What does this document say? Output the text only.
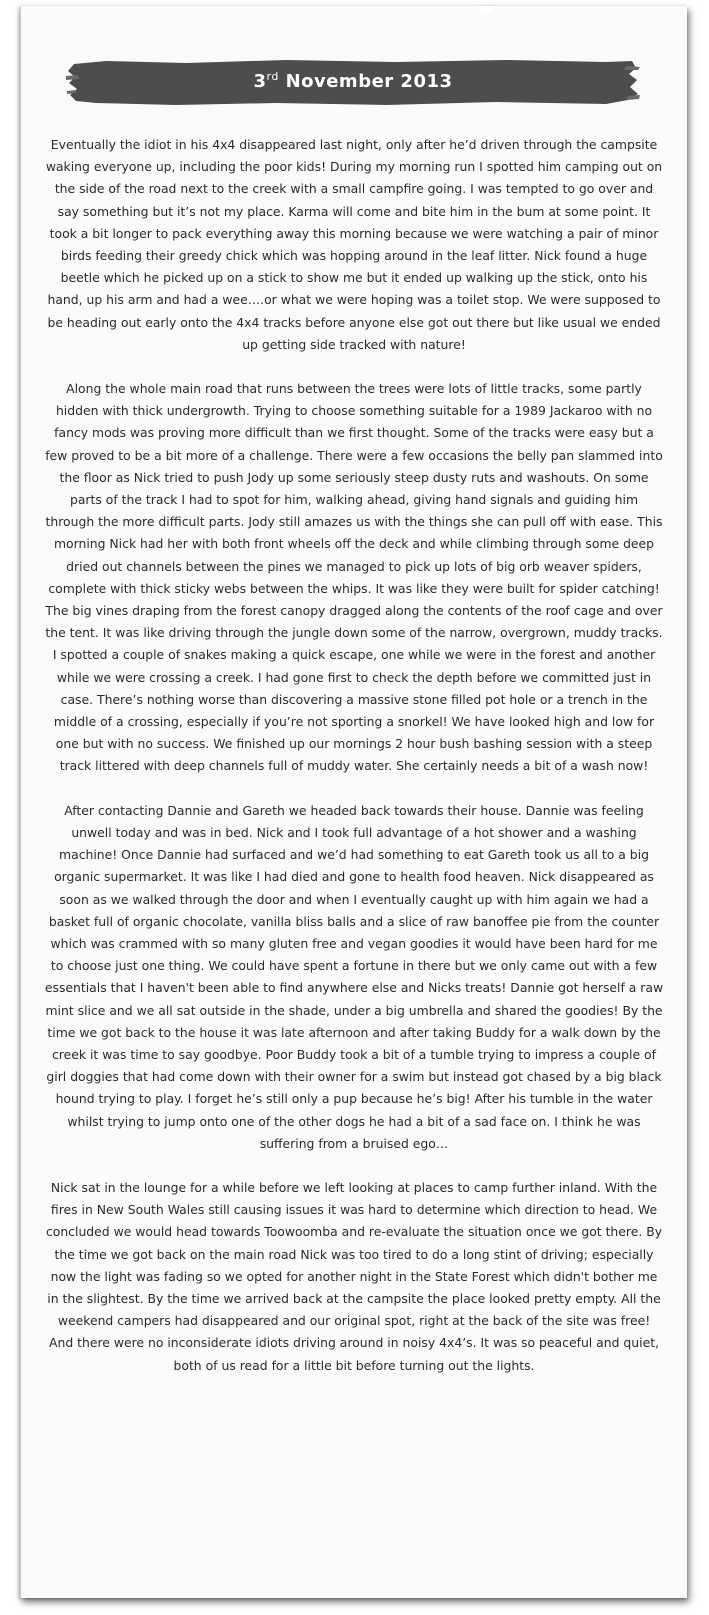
3rd November 2013

Eventually the idiot in his 4x4 disappeared last night, only after he’d driven through the campsite waking everyone up, including the poor kids! During my morning run I spotted him camping out on the side of the road next to the creek with a small campfire going. I was tempted to go over and say something but it’s not my place. Karma will come and bite him in the bum at some point. It took a bit longer to pack everything away this morning because we were watching a pair of minor birds feeding their greedy chick which was hopping around in the leaf litter. Nick found a huge beetle which he picked up on a stick to show me but it ended up walking up the stick, onto his hand, up his arm and had a wee….or what we were hoping was a toilet stop. We were supposed to be heading out early onto the 4x4 tracks before anyone else got out there but like usual we ended up getting side tracked with nature!

Along the whole main road that runs between the trees were lots of little tracks, some partly hidden with thick undergrowth. Trying to choose something suitable for a 1989 Jackaroo with no fancy mods was proving more difficult than we first thought. Some of the tracks were easy but a few proved to be a bit more of a challenge. There were a few occasions the belly pan slammed into the floor as Nick tried to push Jody up some seriously steep dusty ruts and washouts. On some parts of the track I had to spot for him, walking ahead, giving hand signals and guiding him through the more difficult parts. Jody still amazes us with the things she can pull off with ease. This morning Nick had her with both front wheels off the deck and while climbing through some deep dried out channels between the pines we managed to pick up lots of big orb weaver spiders, complete with thick sticky webs between the whips. It was like they were built for spider catching! The big vines draping from the forest canopy dragged along the contents of the roof cage and over the tent. It was like driving through the jungle down some of the narrow, overgrown, muddy tracks. I spotted a couple of snakes making a quick escape, one while we were in the forest and another while we were crossing a creek. I had gone first to check the depth before we committed just in case. There’s nothing worse than discovering a massive stone filled pot hole or a trench in the middle of a crossing, especially if you’re not sporting a snorkel! We have looked high and low for one but with no success. We finished up our mornings 2 hour bush bashing session with a steep track littered with deep channels full of muddy water. She certainly needs a bit of a wash now!

After contacting Dannie and Gareth we headed back towards their house. Dannie was feeling unwell today and was in bed. Nick and I took full advantage of a hot shower and a washing machine! Once Dannie had surfaced and we’d had something to eat Gareth took us all to a big organic supermarket. It was like I had died and gone to health food heaven. Nick disappeared as soon as we walked through the door and when I eventually caught up with him again we had a basket full of organic chocolate, vanilla bliss balls and a slice of raw banoffee pie from the counter which was crammed with so many gluten free and vegan goodies it would have been hard for me to choose just one thing. We could have spent a fortune in there but we only came out with a few essentials that I haven't been able to find anywhere else and Nicks treats! Dannie got herself a raw mint slice and we all sat outside in the shade, under a big umbrella and shared the goodies! By the time we got back to the house it was late afternoon and after taking Buddy for a walk down by the creek it was time to say goodbye. Poor Buddy took a bit of a tumble trying to impress a couple of girl doggies that had come down with their owner for a swim but instead got chased by a big black hound trying to play. I forget he’s still only a pup because he’s big! After his tumble in the water whilst trying to jump onto one of the other dogs he had a bit of a sad face on. I think he was suffering from a bruised ego…

Nick sat in the lounge for a while before we left looking at places to camp further inland. With the fires in New South Wales still causing issues it was hard to determine which direction to head. We concluded we would head towards Toowoomba and re-evaluate the situation once we got there. By the time we got back on the main road Nick was too tired to do a long stint of driving; especially now the light was fading so we opted for another night in the State Forest which didn't bother me in the slightest. By the time we arrived back at the campsite the place looked pretty empty. All the weekend campers had disappeared and our original spot, right at the back of the site was free! And there were no inconsiderate idiots driving around in noisy 4x4’s. It was so peaceful and quiet, both of us read for a little bit before turning out the lights.
